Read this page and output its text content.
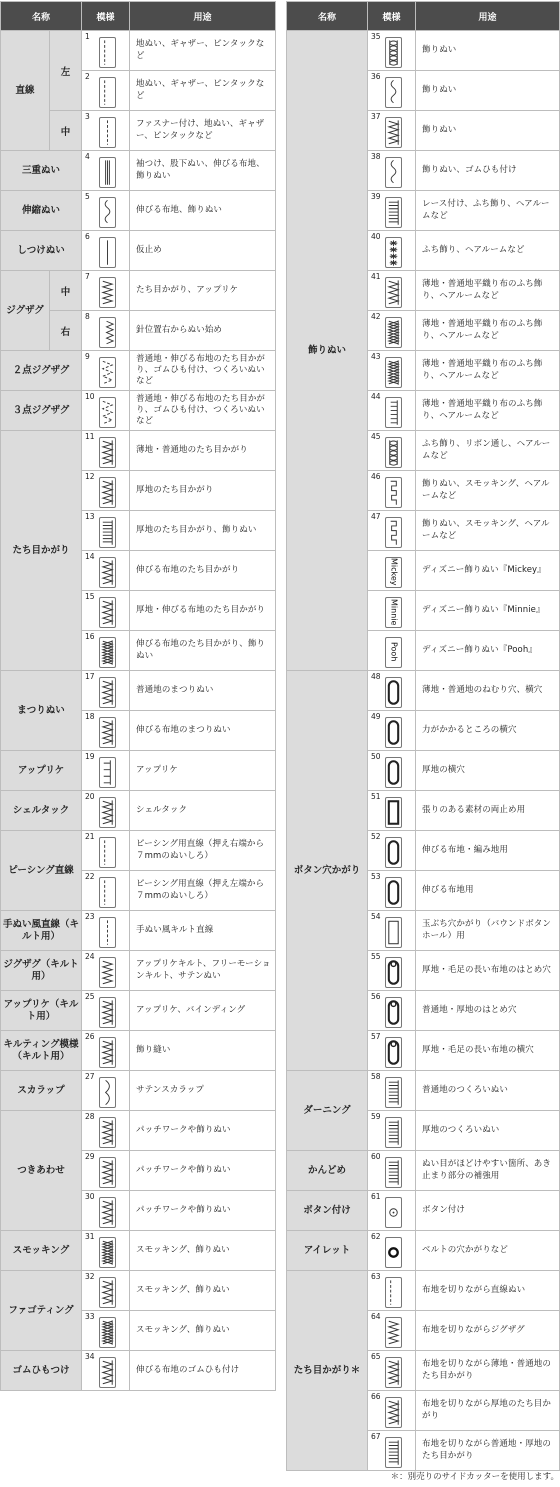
名称		模様	用途
直線	左	1	地ぬい、ギャザー、ピンタックなど

		2	地ぬい、ギャザー、ピンタックなど
	中	3	ファスナー付け、地ぬい、ギャザー、ピンタックなど
三重ぬい		4	袖つけ、股下ぬい、伸びる布地、飾りぬい
伸縮ぬい		5	伸びる布地、飾りぬい
しつけぬい		6	仮止め
ジグザグ	中	7	たち目かがり、アップリケ
	右	8	針位置右からぬい始め
２点ジグザグ		9	普通地・伸びる布地のたち目かがり、ゴムひも付け、つくろいぬいなど
３点ジグザグ		10	普通地・伸びる布地のたち目かがり、ゴムひも付け、つくろいぬいなど
たち目かがり		11	薄地・普通地のたち目かがり

		12	厚地のたち目かがり

		13	厚地のたち目かがり、飾りぬい

		14	伸びる布地のたち目かがり

		15	厚地・伸びる布地のたち目かがり

		16	伸びる布地のたち目かがり、飾りぬい
まつりぬい		17	普通地のまつりぬい

		18	伸びる布地のまつりぬい
アップリケ		19	アップリケ
シェルタック		20	シェルタック
ピーシング直線		21	ピーシング用直線（押え右端から７mmのぬいしろ）

		22	ピーシング用直線（押え左端から７mmのぬいしろ）
手ぬい風直線（キルト用）		23	手ぬい風キルト直線
ジグザグ（キルト用）		24	アップリケキルト、フリーモーションキルト、サテンぬい
アップリケ（キルト用）		25	アップリケ、バインディング
キルティング模様（キルト用）		26	飾り縫い
スカラップ		27	サテンスカラップ
つきあわせ		28	パッチワークや飾りぬい

		29	パッチワークや飾りぬい

		30	パッチワークや飾りぬい
スモッキング		31	スモッキング、飾りぬい
ファゴティング		32	スモッキング、飾りぬい

		33	スモッキング、飾りぬい
ゴムひもつけ		34	伸びる布地のゴムひも付け
名称	模様	用途
飾りぬい	35	飾りぬい

	36	飾りぬい

	37	飾りぬい

	38	飾りぬい、ゴムひも付け

	39	レース付け、ふち飾り、ヘアルームなど

	40	ふち飾り、ヘアルームなど

	41	薄地・普通地平織り布のふち飾り、ヘアルームなど

	42	薄地・普通地平織り布のふち飾り、ヘアルームなど

	43	薄地・普通地平織り布のふち飾り、ヘアルームなど

	44	薄地・普通地平織り布のふち飾り、ヘアルームなど

	45	ふち飾り、リボン通し、ヘアルームなど

	46	飾りぬい、スモッキング、ヘアルームなど

	47	飾りぬい、スモッキング、ヘアルームなど

Mickey	ディズニー飾りぬい『Mickey』

Minnie	ディズニー飾りぬい『Minnie』

Pooh	ディズニー飾りぬい『Pooh』
ボタン穴かがり	48	薄地・普通地のねむり穴、横穴

	49	力がかかるところの横穴

	50	厚地の横穴

	51	張りのある素材の両止め用

	52	伸びる布地・編み地用

	53	伸びる布地用

	54	玉ぶち穴かがり（バウンドボタンホール）用

	55	厚地・毛足の長い布地のはとめ穴

	56	普通地・厚地のはとめ穴

	57	厚地・毛足の長い布地の横穴
ダーニング	58	普通地のつくろいぬい

	59	厚地のつくろいぬい
かんどめ	60	ぬい目がほどけやすい箇所、あき止まり部分の補強用
ボタン付け	61	ボタン付け
アイレット	62	ベルトの穴かがりなど
たち目かがり＊	63	布地を切りながら直線ぬい

	64	布地を切りながらジグザグ

	65	布地を切りながら薄地・普通地のたち目かがり

	66	布地を切りながら厚地のたち目かがり

	67	布地を切りながら普通地・厚地のたち目かがり
＊：別売りのサイドカッターを使用します。
